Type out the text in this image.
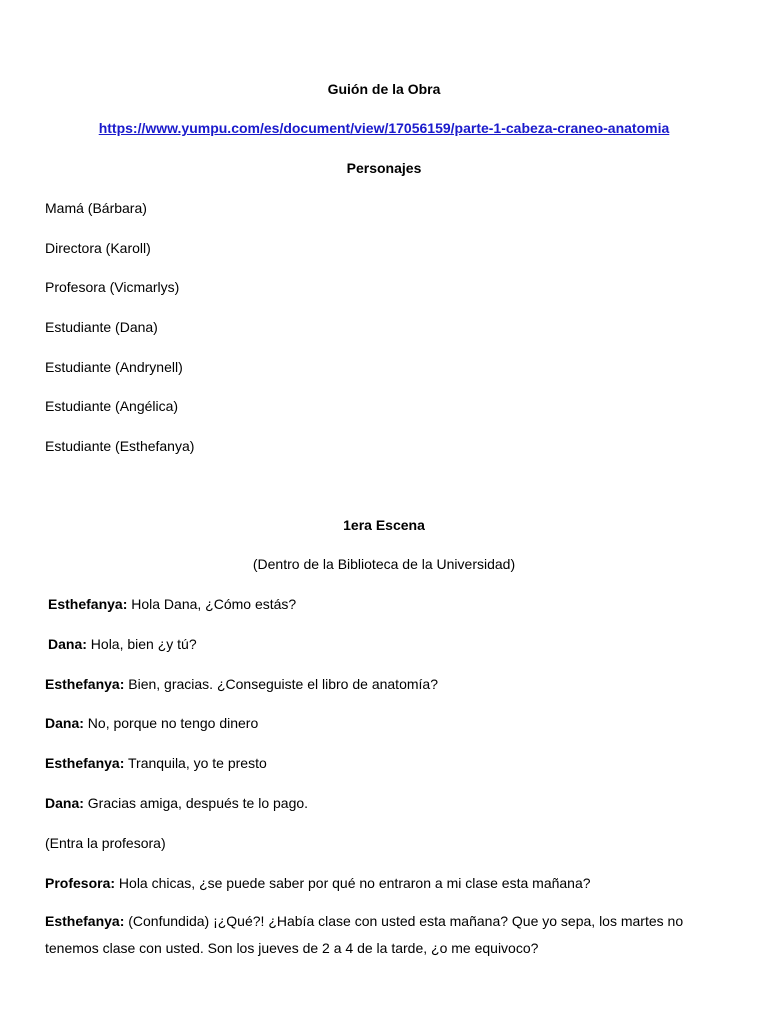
Guión de la Obra
https://www.yumpu.com/es/document/view/17056159/parte-1-cabeza-craneo-anatomia
Personajes
Mamá (Bárbara)
Directora (Karoll)
Profesora (Vicmarlys)
Estudiante (Dana)
Estudiante (Andrynell)
Estudiante (Angélica)
Estudiante (Esthefanya)
1era Escena
(Dentro de la Biblioteca de la Universidad)
Esthefanya: Hola Dana, ¿Cómo estás?
Dana: Hola, bien ¿y tú?
Esthefanya: Bien, gracias. ¿Conseguiste el libro de anatomía?
Dana: No, porque no tengo dinero
Esthefanya: Tranquila, yo te presto
Dana: Gracias amiga, después te lo pago.
(Entra la profesora)
Profesora: Hola chicas, ¿se puede saber por qué no entraron a mi clase esta mañana?
Esthefanya: (Confundida) ¡¿Qué?! ¿Había clase con usted esta mañana? Que yo sepa, los martes no tenemos clase con usted. Son los jueves de 2 a 4 de la tarde, ¿o me equivoco?
